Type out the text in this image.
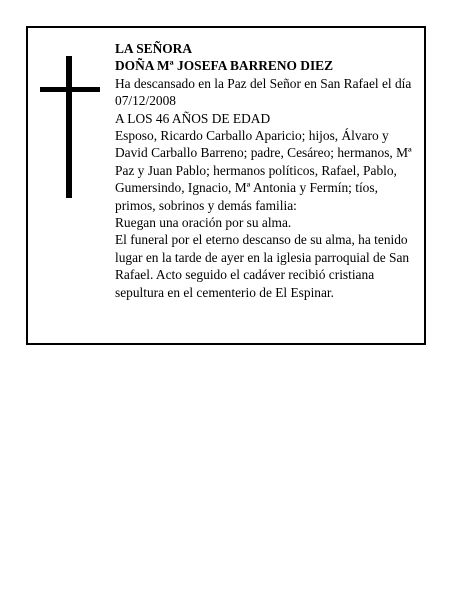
LA SEÑORA

DOÑA Mª JOSEFA BARRENO DIEZ

Ha descansado en la Paz del Señor en San Rafael el día 07/12/2008

A LOS 46 AÑOS DE EDAD

Esposo, Ricardo Carballo Aparicio; hijos, Álvaro y David Carballo Barreno; padre, Cesáreo; hermanos, Mª Paz y Juan Pablo; hermanos políticos, Rafael, Pablo, Gumersindo, Ignacio, Mª Antonia y Fermín; tíos, primos, sobrinos y demás familia:

Ruegan una oración por su alma.

El funeral por el eterno descanso de su alma, ha tenido lugar en la tarde de ayer en la iglesia parroquial de San Rafael. Acto seguido el cadáver recibió cristiana sepultura en el cementerio de El Espinar.
